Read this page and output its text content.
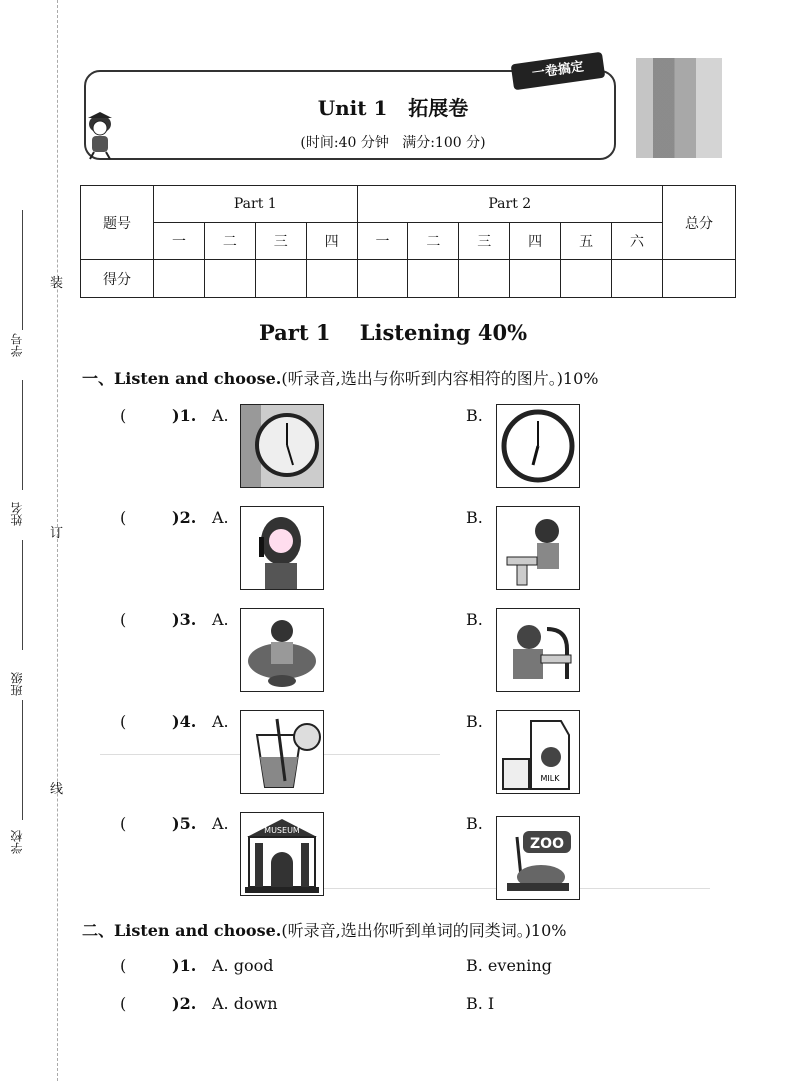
学号
姓名
班级
学校
装
订
线
一卷搞定
Unit 1   拓展卷
(时间:40 分钟   满分:100 分)
题号	Part 1				Part 2						总分
	一	二	三	四	一	二	三	四	五	六	
得分											
Part 1    Listening 40%
一、Listen and choose.(听录音,选出与你听到内容相符的图片。)10%
(	)1. A.	B.
(	)2. A.	B.
(	)3. A.	B.
(	)4. A.	B.
MILK
(	)5. A.	MUSEUM	B.
ZOO
二、Listen and choose.(听录音,选出你听到单词的同类词。)10%
(	)1. A. good	B. evening
(	)2. A. down	B. I
